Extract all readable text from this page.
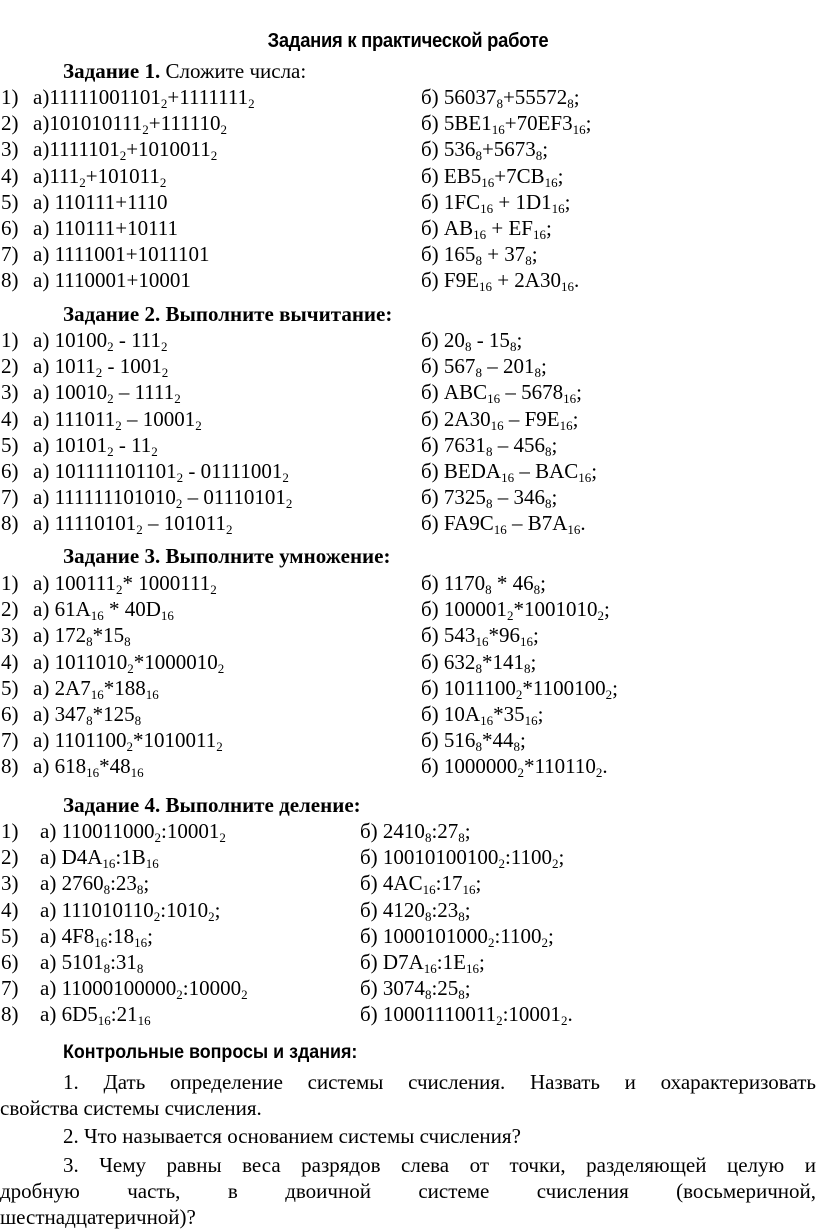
Задания к практической работе
Задание 1. Сложите числа:
1) $а)11111001101_2+1111111_2$	б) $56037_8+55572_8$;
2) $а)101010111_2+111110_2$	б) $5BE1_{16}+70EF3_{16}$;
3) $а)1111101_2+1010011_2$	б) $536_8+5673_8$;
4) $а)111_2+101011_2$	б) $EB5_{16}+7CB_{16}$;
5) а) 110111+1110	б) $1FC_{16} + 1D1_{16}$;
6) а) 110111+10111	б) $AB_{16} + EF_{16}$;
7) а) 1111001+1011101	б) $165_8 + 37_8$;
8) а) 1110001+10001	б) $F9E_{16} + 2A30_{16}$.
Задание 2. Выполните вычитание:
1) а) $10100_2 - 111_2$	б) $20_8 - 15_8$;
2) а) $1011_2 - 1001_2$	б) $567_8 - 201_8$;
3) а) $10010_2 - 1111_2$	б) $ABC_{16} - 5678_{16}$;
4) а) $111011_2 - 10001_2$	б) $2A30_{16} - F9E_{16}$;
5) а) $10101_2 - 11_2$	б) $7631_8 - 456_8$;
6) а) $101111101101_2 - 01111001_2$	б) $BEDA_{16} - BAC_{16}$;
7) а) $111111101010_2 - 01110101_2$	б) $7325_8 - 346_8$;
8) а) $11110101_2 - 101011_2$	б) $FA9C_{16} - B7A_{16}$.
Задание 3. Выполните умножение:
1) а) $100111_2*$ $1000111_2$	б) $1170_8 * 46_8$;
2) а) $61A_{16} * 40D_{16}$	б) $100001_2*1001010_2$;
3) а) $172_8*15_8$	б) $543_{16}*96_{16}$;
4) а) $1011010_2*1000010_2$	б) $632_8*141_8$;
5) а) $2A7_{16}*188_{16}$	б) $1011100_2*1100100_2$;
6) а) $347_8*125_8$	б) $10A_{16}*35_{16}$;
7) а) $1101100_2*1010011_2$	б) $516_8*44_8$;
8) а) $618_{16}*48_{16}$	б) $1000000_2*110110_2$.
Задание 4. Выполните деление:
1) а) $110011000_2:10001_2$	б) $2410_8:27_8$;
2) а) $D4A_{16}:1B_{16}$	б) $10010100100_2:1100_2$;
3) а) $2760_8:23_8$;	б) $4AC_{16}:17_{16}$;
4) а) $111010110_2:1010_2$;	б) $4120_8:23_8$;
5) а) $4F8_{16}:18_{16}$;	б) $1000101000_2:1100_2$;
6) а) $5101_8:31_8$	б) $D7A_{16}:1E_{16}$;
7) а) $11000100000_2:10000_2$	б) $3074_8:25_8$;
8) а) $6D5_{16}:21_{16}$	б) $10001110011_2:10001_2$.
Контрольные вопросы и здания:
1. Дать определение системы счисления. Назвать и охарактеризовать
свойства системы счисления.
2. Что называется основанием системы счисления?
3. Чему равны веса разрядов слева от точки, разделяющей целую и
дробную часть, в двоичной системе счисления (восьмеричной,
шестнадцатеричной)?
